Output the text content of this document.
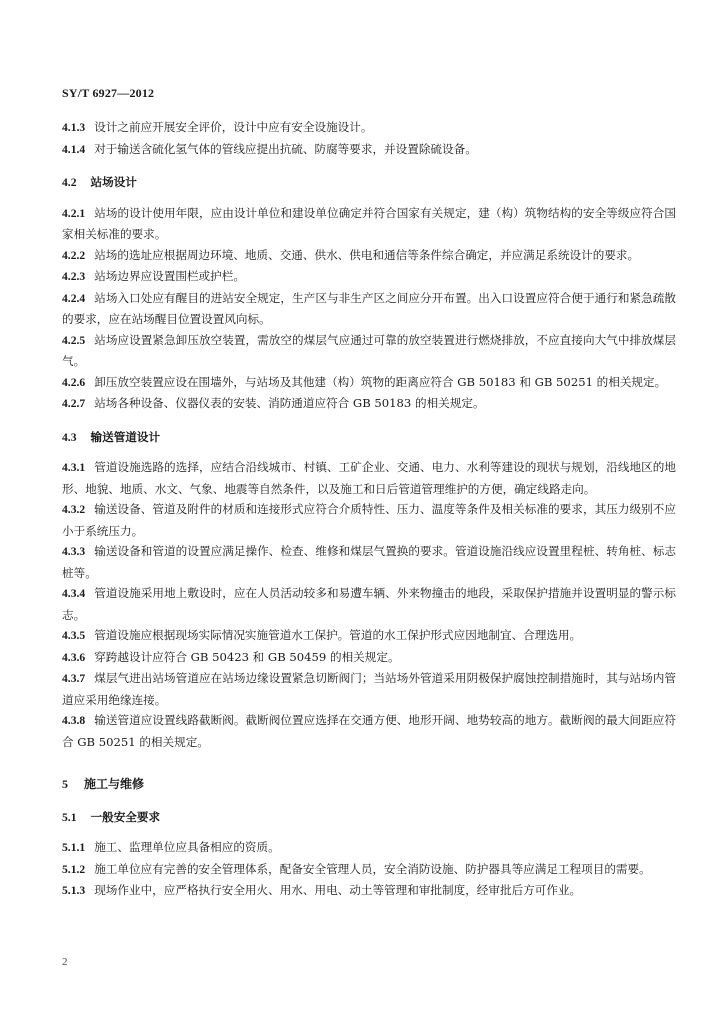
SY/T 6927—2012

4.1.3 设计之前应开展安全评价，设计中应有安全设施设计。

4.1.4 对于输送含硫化氢气体的管线应提出抗硫、防腐等要求，并设置除硫设备。

4.2 站场设计

4.2.1 站场的设计使用年限，应由设计单位和建设单位确定并符合国家有关规定，建（构）筑物结构的安全等级应符合国家相关标准的要求。

4.2.2 站场的选址应根据周边环境、地质、交通、供水、供电和通信等条件综合确定，并应满足系统设计的要求。

4.2.3 站场边界应设置围栏或护栏。

4.2.4 站场入口处应有醒目的进站安全规定，生产区与非生产区之间应分开布置。出入口设置应符合便于通行和紧急疏散的要求，应在站场醒目位置设置风向标。

4.2.5 站场应设置紧急卸压放空装置，需放空的煤层气应通过可靠的放空装置进行燃烧排放，不应直接向大气中排放煤层气。

4.2.6 卸压放空装置应设在围墙外，与站场及其他建（构）筑物的距离应符合 GB 50183 和 GB 50251 的相关规定。

4.2.7 站场各种设备、仪器仪表的安装、消防通道应符合 GB 50183 的相关规定。

4.3 输送管道设计

4.3.1 管道设施选路的选择，应结合沿线城市、村镇、工矿企业、交通、电力、水利等建设的现状与规划，沿线地区的地形、地貌、地质、水文、气象、地震等自然条件，以及施工和日后管道管理维护的方便，确定线路走向。

4.3.2 输送设备、管道及附件的材质和连接形式应符合介质特性、压力、温度等条件及相关标准的要求，其压力级别不应小于系统压力。

4.3.3 输送设备和管道的设置应满足操作、检查、维修和煤层气置换的要求。管道设施沿线应设置里程桩、转角桩、标志桩等。

4.3.4 管道设施采用地上敷设时，应在人员活动较多和易遭车辆、外来物撞击的地段，采取保护措施并设置明显的警示标志。

4.3.5 管道设施应根据现场实际情况实施管道水工保护。管道的水工保护形式应因地制宜、合理选用。

4.3.6 穿跨越设计应符合 GB 50423 和 GB 50459 的相关规定。

4.3.7 煤层气进出站场管道应在站场边缘设置紧急切断阀门；当站场外管道采用阴极保护腐蚀控制措施时，其与站场内管道应采用绝缘连接。

4.3.8 输送管道应设置线路截断阀。截断阀位置应选择在交通方便、地形开阔、地势较高的地方。截断阀的最大间距应符合 GB 50251 的相关规定。

5 施工与维修

5.1 一般安全要求

5.1.1 施工、监理单位应具备相应的资质。

5.1.2 施工单位应有完善的安全管理体系，配备安全管理人员，安全消防设施、防护器具等应满足工程项目的需要。

5.1.3 现场作业中，应严格执行安全用火、用水、用电、动土等管理和审批制度，经审批后方可作业。

2
